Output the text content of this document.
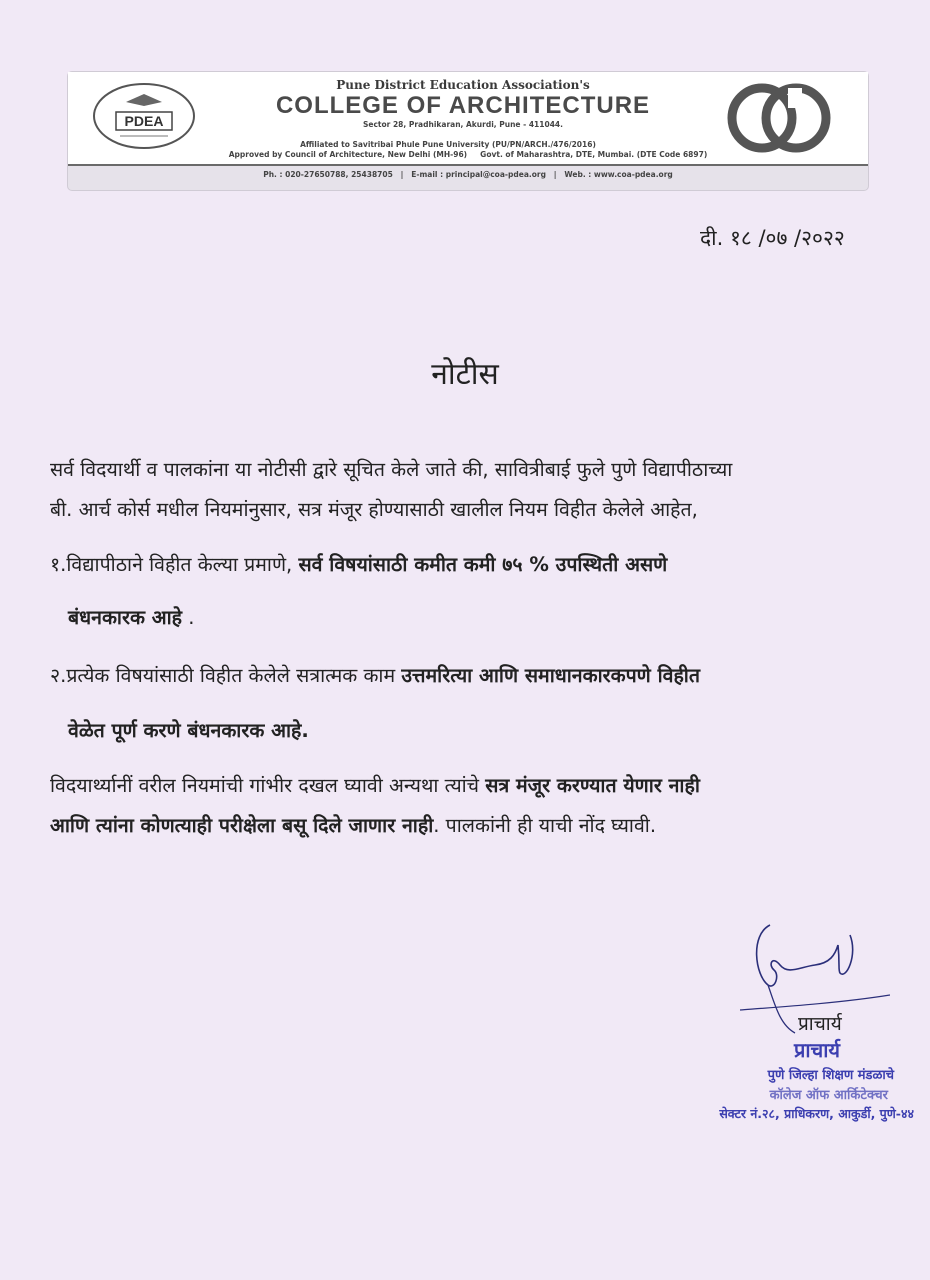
PDEA
Pune District Education Association's
COLLEGE OF ARCHITECTURE
Sector 28, Pradhikaran, Akurdi, Pune - 411044.
Affiliated to Savitribai Phule Pune University (PU/PN/ARCH./476/2016)
Approved by Council of Architecture, New Delhi (MH-96) Govt. of Maharashtra, DTE, Mumbai. (DTE Code 6897)
Ph. : 020-27650788, 25438705   |   E-mail : principal@coa-pdea.org   |   Web. : www.coa-pdea.org
दी. १८ /०७ /२०२२
नोटीस
सर्व विदयार्थी व पालकांना या नोटीसी द्वारे सूचित केले जाते की, सावित्रीबाई फुले पुणे विद्यापीठाच्या
बी. आर्च कोर्स मधील नियमांनुसार, सत्र मंजूर होण्यासाठी खालील नियम विहीत केलेले आहेत,
१.विद्यापीठाने विहीत केल्या प्रमाणे, सर्व विषयांसाठी कमीत कमी ७५ % उपस्थिती असणे
बंधनकारक आहे .
२.प्रत्येक विषयांसाठी विहीत केलेले सत्रात्मक काम उत्तमरित्या आणि समाधानकारकपणे विहीत
वेळेत पूर्ण करणे बंधनकारक आहे.
विदयार्थ्यानीं वरील नियमांची गांभीर दखल घ्यावी अन्यथा त्यांचे सत्र मंजूर करण्यात येणार नाही
आणि त्यांना कोणत्याही परीक्षेला बसू दिले जाणार नाही. पालकांनी ही याची नोंद घ्यावी.
प्राचार्य
प्राचार्य
पुणे जिल्हा शिक्षण मंडळाचे
कॉलेज ऑफ आर्किटेक्चर
सेक्टर नं.२८, प्राधिकरण, आकुर्डी, पुणे-४४
